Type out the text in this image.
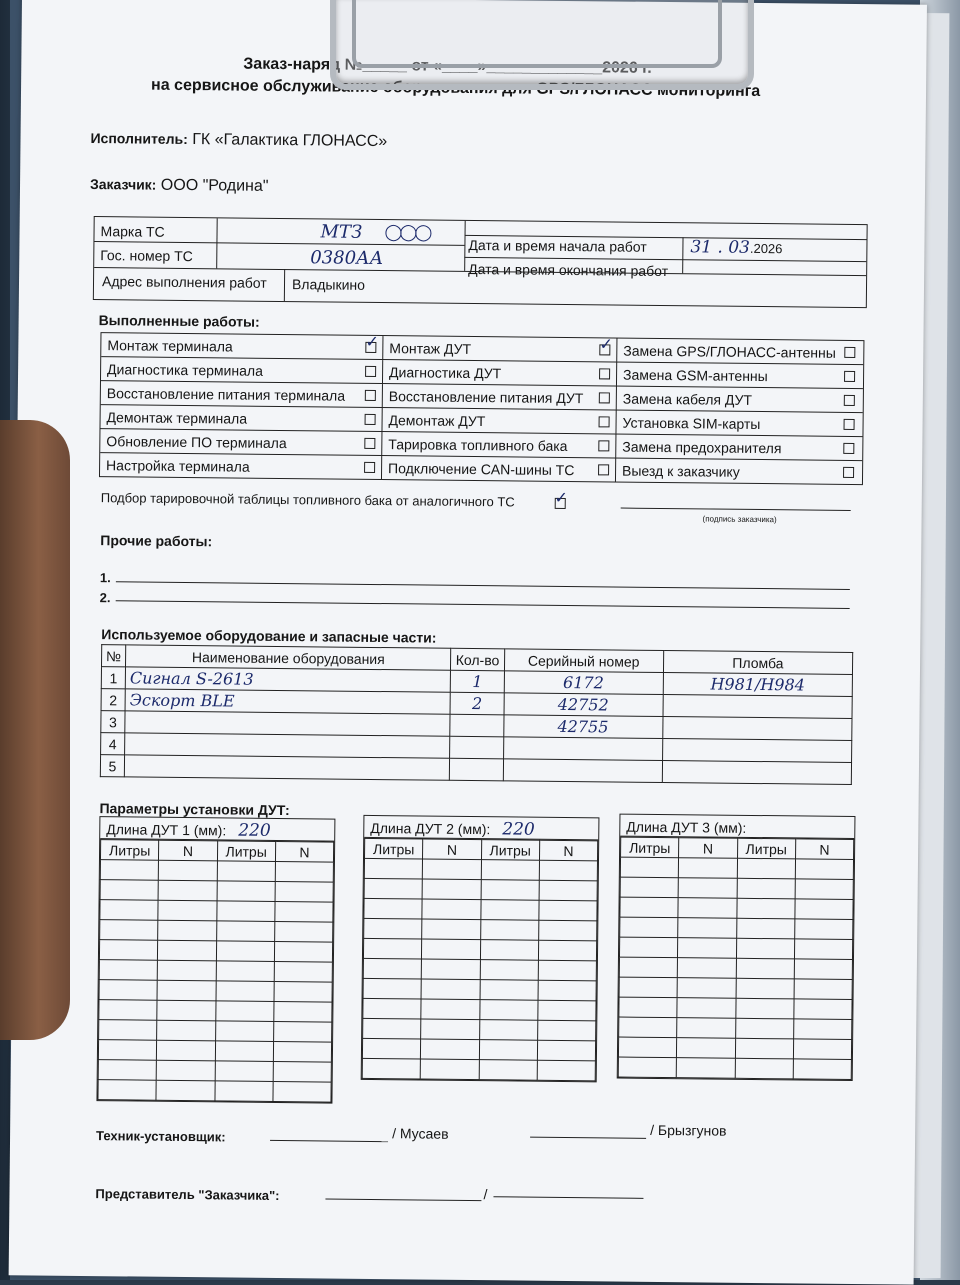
Заказ-наряд №_____ от «____»_____________2026 г.
на сервисное обслуживание оборудования для GPS/ГЛОНАСС мониторинга
Исполнитель: ГК «Галактика ГЛОНАСС»
Заказчик: ООО "Родина"
Марка ТС	МТЗ ◯◯◯
Гос. номер ТС	0380АА
Адрес выполнения работ Владыкино
Дата и время начала работ	31 . 03.2026
Дата и время окончания работ
Выполненные работы:
Монтаж терминала ✓	Монтаж ДУТ ✓	Замена GPS/ГЛОНАСС-антенны
Диагностика терминала	Диагностика ДУТ	Замена GSM-антенны
Восстановление питания терминала	Восстановление питания ДУТ	Замена кабеля ДУТ
Демонтаж терминала	Демонтаж ДУТ	Установка SIM-карты
Обновление ПО терминала	Тарировка топливного бака	Замена предохранителя
Настройка терминала	Подключение CAN-шины ТС	Выезд к заказчику
Подбор тарировочной таблицы топливного бака от аналогичного ТС ✓
(подпись заказчика)
Прочие работы:
1.
2.
Используемое оборудование и запасные части:
№	Наименование оборудования	Кол-во	Серийный номер	Пломба
1	Сигнал S-2613	1	6172	Н981/Н984
2	Эскорт BLE	2	42752	
3			42755	
4				
5				
Параметры установки ДУТ:
Длина ДУТ 1 (мм): 220
Литры	N	Литры	N

Длина ДУТ 2 (мм): 220
Литры	N	Литры	N

Длина ДУТ 3 (мм):
Литры	N	Литры	N

Техник-установщик:	/ Мусаев	/ Брызгунов
Представитель "Заказчика":	/
